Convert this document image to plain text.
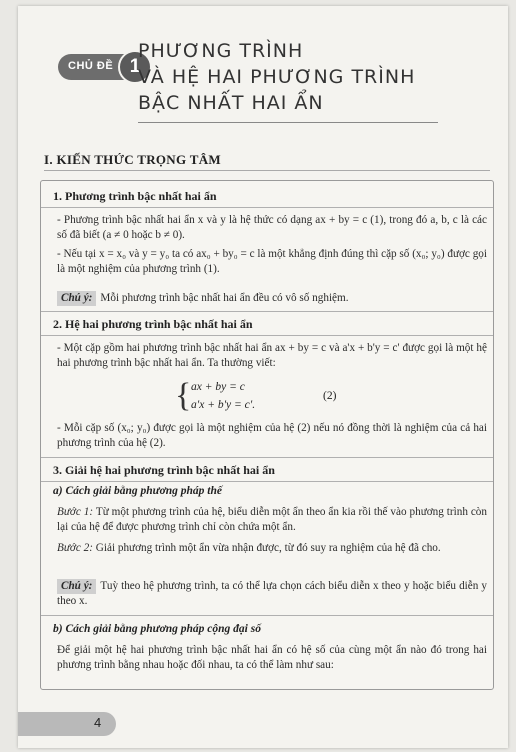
CHỦ ĐỀ 1
PHƯƠNG TRÌNH
VÀ HỆ HAI PHƯƠNG TRÌNH
BẬC NHẤT HAI ẨN
I. KIẾN THỨC TRỌNG TÂM
1. Phương trình bậc nhất hai ẩn
- Phương trình bậc nhất hai ẩn x và y là hệ thức có dạng ax + by = c (1), trong đó a, b, c là các số đã biết (a ≠ 0 hoặc b ≠ 0).
- Nếu tại x = x₀ và y = y₀ ta có ax₀ + by₀ = c là một khẳng định đúng thì cặp số (x₀; y₀) được gọi là một nghiệm của phương trình (1).
Chú ý: Mỗi phương trình bậc nhất hai ẩn đều có vô số nghiệm.
2. Hệ hai phương trình bậc nhất hai ẩn
- Một cặp gồm hai phương trình bậc nhất hai ẩn ax + by = c và a'x + b'y = c' được gọi là một hệ hai phương trình bậc nhất hai ẩn. Ta thường viết:
{ ax + by = c
a'x + b'y = c'.
(2)
- Mỗi cặp số (x₀; y₀) được gọi là một nghiệm của hệ (2) nếu nó đồng thời là nghiệm của cả hai phương trình của hệ (2).
3. Giải hệ hai phương trình bậc nhất hai ẩn
a) Cách giải bằng phương pháp thế
Bước 1: Từ một phương trình của hệ, biểu diễn một ẩn theo ẩn kia rồi thế vào phương trình còn lại của hệ để được phương trình chỉ còn chứa một ẩn.
Bước 2: Giải phương trình một ẩn vừa nhận được, từ đó suy ra nghiệm của hệ đã cho.
Chú ý: Tuỳ theo hệ phương trình, ta có thể lựa chọn cách biểu diễn x theo y hoặc biểu diễn y theo x.
b) Cách giải bằng phương pháp cộng đại số
Để giải một hệ hai phương trình bậc nhất hai ẩn có hệ số của cùng một ẩn nào đó trong hai phương trình bằng nhau hoặc đối nhau, ta có thể làm như sau:
4
